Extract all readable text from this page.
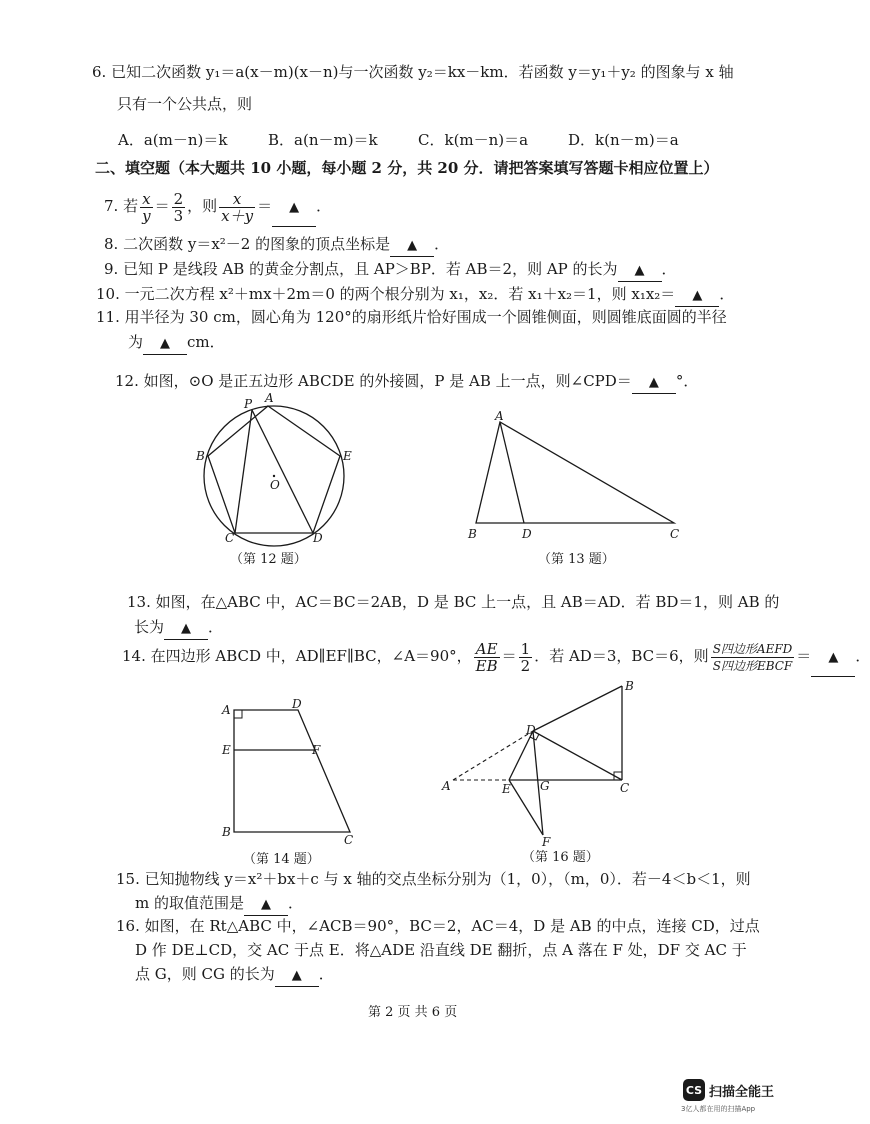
6. 已知二次函数 y₁＝a(x－m)(x－n)与一次函数 y₂＝kx－km．若函数 y＝y₁＋y₂ 的图象与 x 轴
只有一个公共点，则
A．a(m－n)＝k	B．a(n－m)＝k	C．k(m－n)＝a	D．k(n－m)＝a
二、填空题（本大题共 10 小题，每小题 2 分，共 20 分．请把答案填写答题卡相应位置上）
7. 若 $\frac{x}{y} = \frac{2}{3}$ ，则 $\frac{x}{x+y}$ ＝ ▲ ．
8. 二次函数 y＝x²－2 的图象的顶点坐标是 ▲ ．
9. 已知 P 是线段 AB 的黄金分割点，且 AP＞BP．若 AB＝2，则 AP 的长为 ▲ ．
10. 一元二次方程 x²＋mx＋2m＝0 的两个根分别为 x₁，x₂．若 x₁＋x₂＝1，则 x₁x₂＝ ▲ ．
11. 用半径为 30 cm，圆心角为 120°的扇形纸片恰好围成一个圆锥侧面，则圆锥底面圆的半径
为 ▲ cm．
12. 如图，⊙O 是正五边形 ABCDE 的外接圆，P 是 AB 上一点，则∠CPD＝ ▲ °．
P A
B	E
O
C	D
（第 12 题）
A
B	D	C
（第 13 题）
13. 如图，在△ABC 中，AC＝BC＝2AB，D 是 BC 上一点，且 AB＝AD．若 BD＝1，则 AB 的
长为 ▲ ．
14. 在四边形 ABCD 中，AD∥EF∥BC，∠A＝90°， $\frac{AE}{EB} = \frac{1}{2}$ ．若 AD＝3，BC＝6，则 $\frac{\text{S四边形AEFD}}{\text{S四边形EBCF}}$ ＝ ▲ ．
A	D
E	F
B
C
（第 14 题）
B
D
A	E G	C
F
（第 16 题）
15. 已知抛物线 y＝x²＋bx＋c 与 x 轴的交点坐标分别为（1，0），（m，0）．若－4＜b＜1，则
m 的取值范围是 ▲ ．
16. 如图，在 Rt△ABC 中，∠ACB＝90°，BC＝2，AC＝4，D 是 AB 的中点，连接 CD，过点
D 作 DE⊥CD，交 AC 于点 E．将△ADE 沿直线 DE 翻折，点 A 落在 F 处，DF 交 AC 于
点 G，则 CG 的长为 ▲ ．
第 2 页 共 6 页
CS 扫描全能王
3亿人都在用的扫描App
